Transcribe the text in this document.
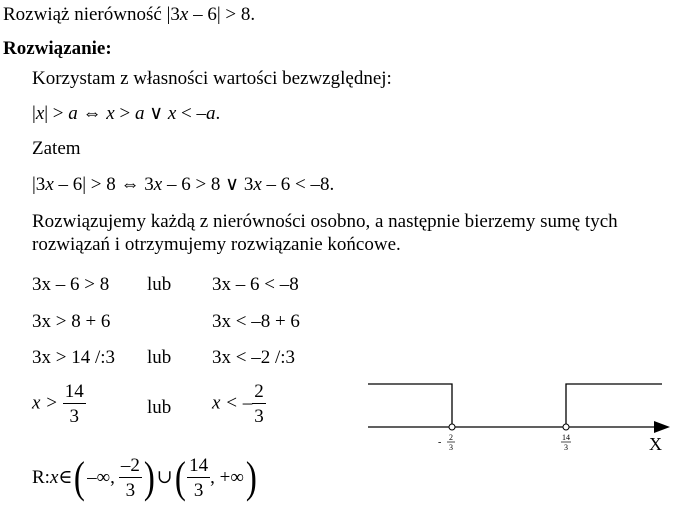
Rozwiąż nierówność |3x – 6| > 8.
Rozwiązanie:
Korzystam z własności wartości bezwzględnej:
|x| > a ⇔ x > a ∨ x < –a.
Zatem
|3x – 6| > 8 ⇔ 3x – 6 > 8 ∨ 3x – 6 < –8.
Rozwiązujemy każdą z nierówności osobno, a następnie bierzemy sumę tych
rozwiązań i otrzymujemy rozwiązanie końcowe.
3x – 6 > 8 lub 3x – 6 < –8
3x > 8 + 6	3x < –8 + 6
3x > 14 /:3 lub 3x < –2 /:3
$x > \frac{14}{3}$	lub x < – $\frac{2}{3}$
R: x ∈ ( –∞, $\frac{-2}{3}$ ) ∪ ( $\frac{14}{3}$ , +∞ )
- 2
3
14
3	X
